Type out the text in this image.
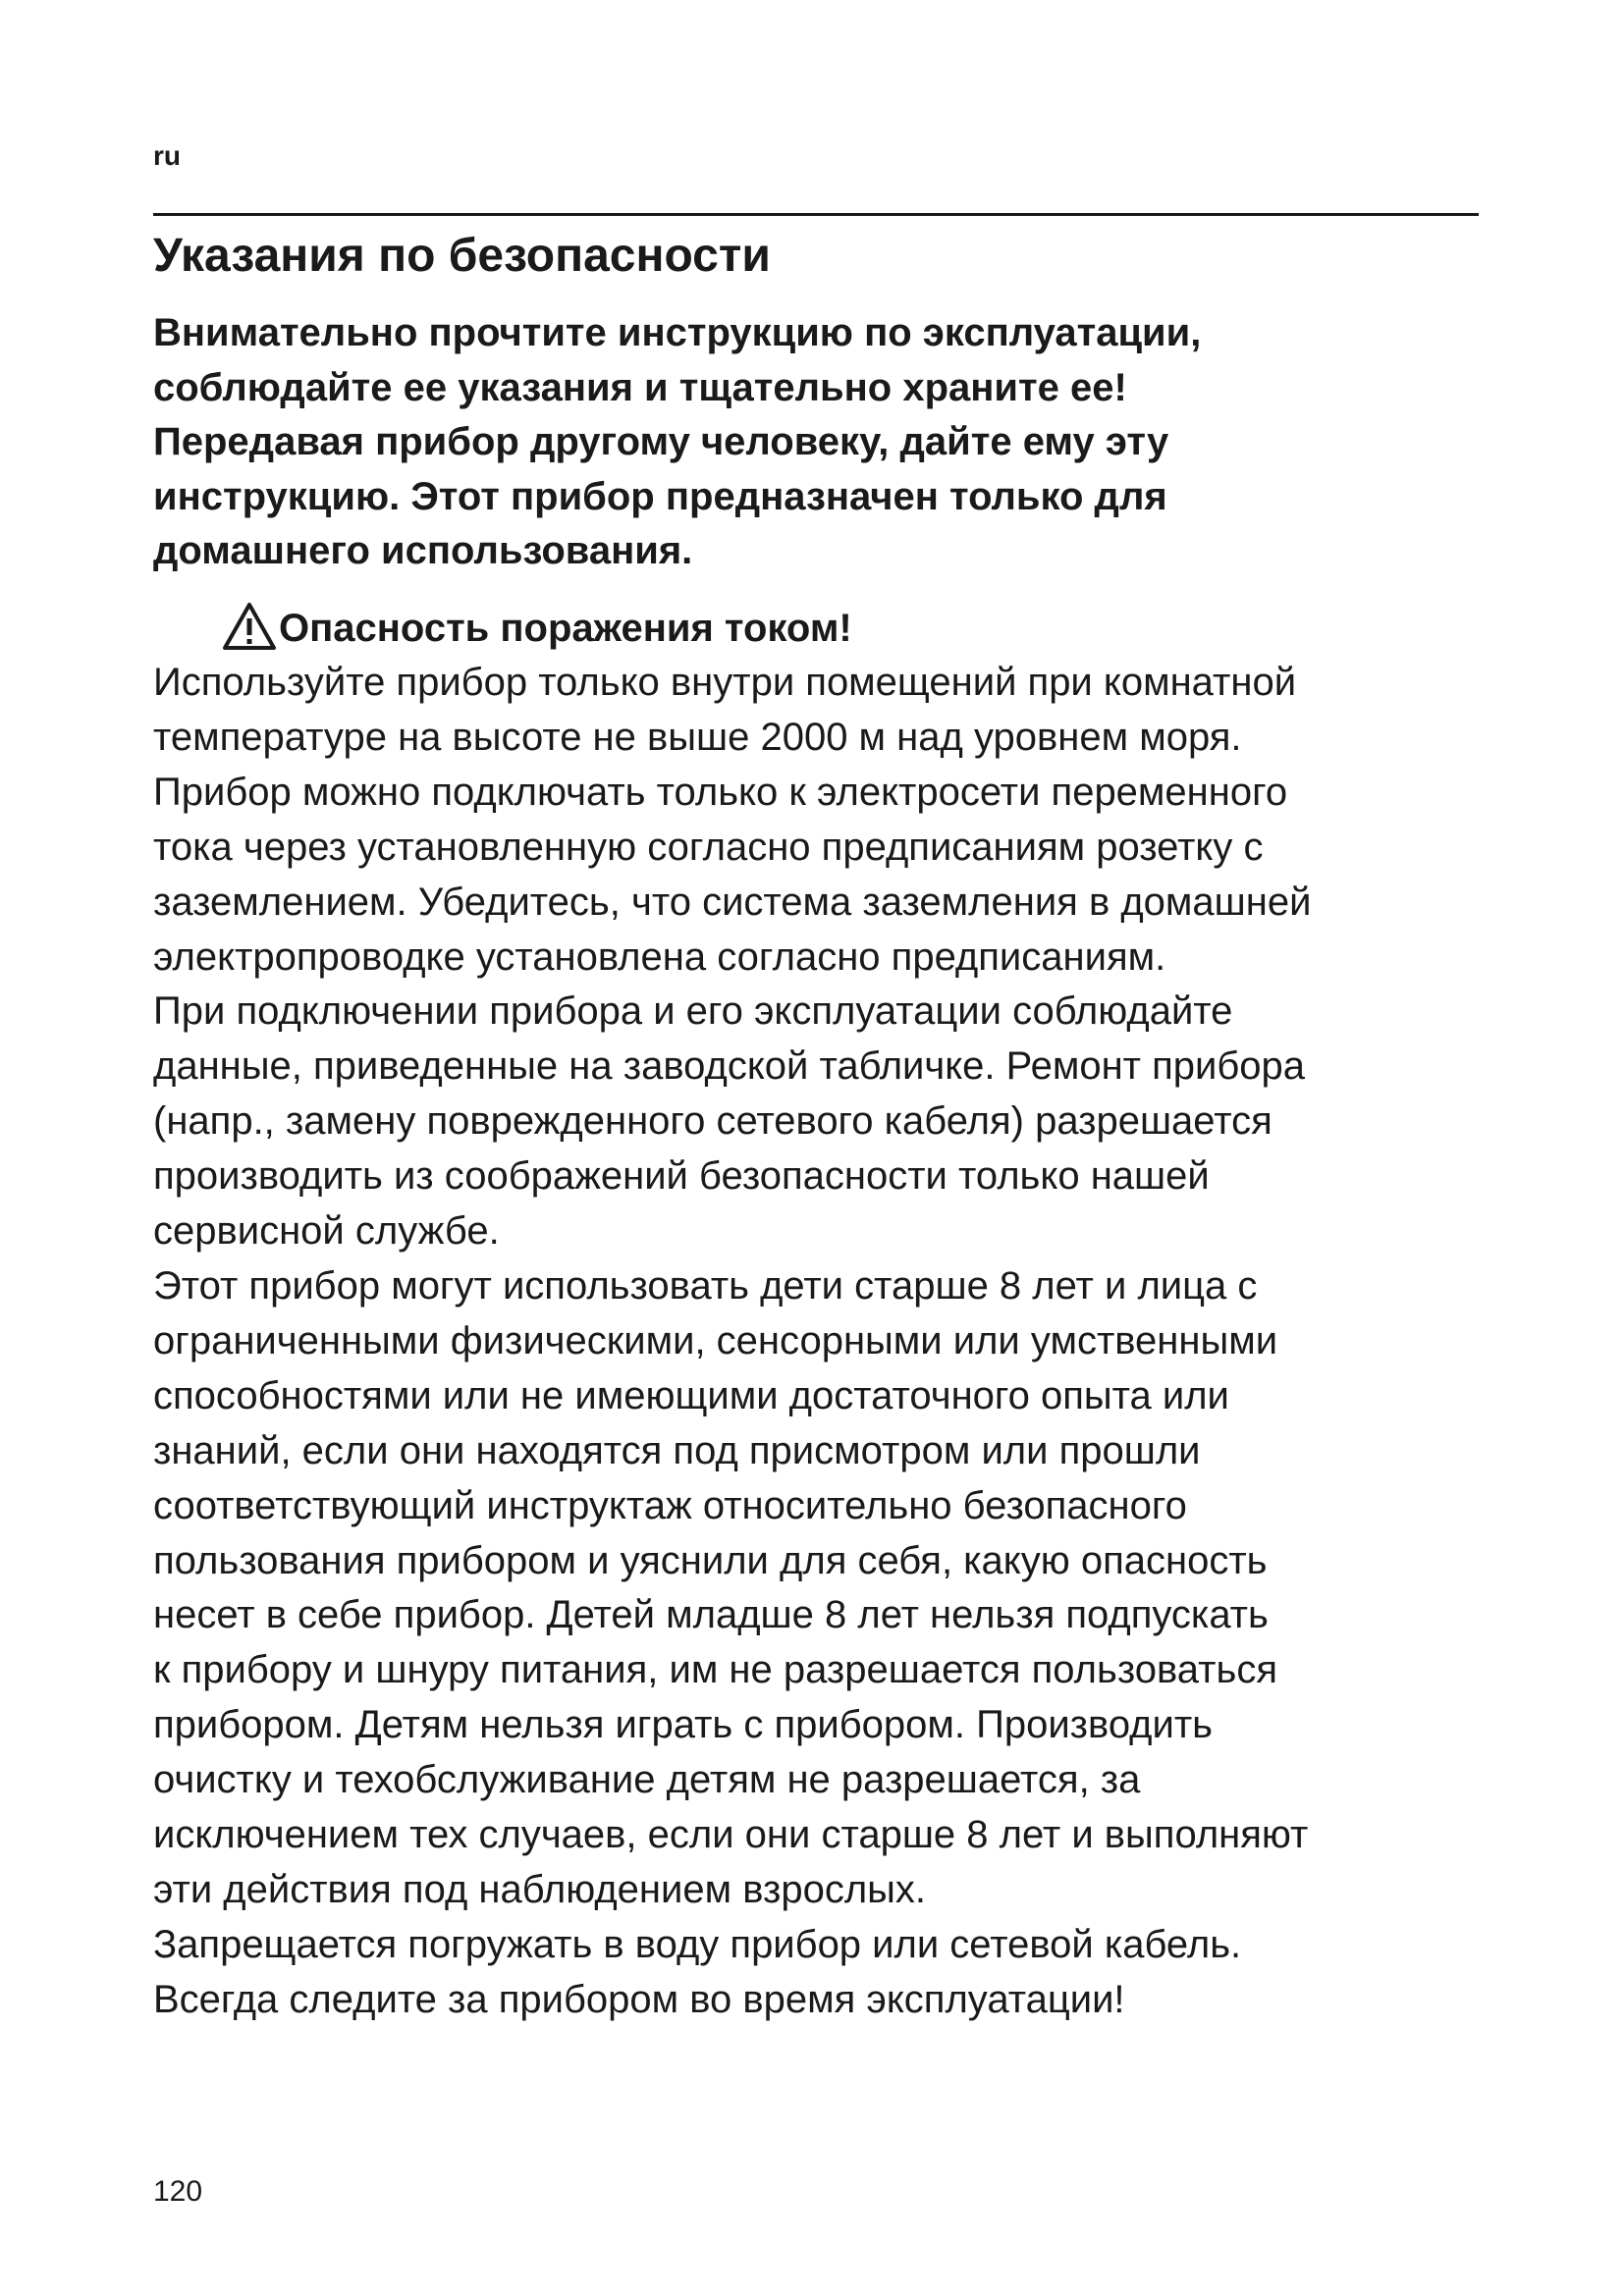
ru
Указания по безопасности
Внимательно прочтите инструкцию по эксплуатации,
соблюдайте ее указания и тщательно храните ее!
Передавая прибор другому человеку, дайте ему эту
инструкцию. Этот прибор предназначен только для
домашнего использования.
Опасность поражения током!
Используйте прибор только внутри помещений при комнатной
температуре на высоте не выше 2000 м над уровнем моря.
Прибор можно подключать только к электросети переменного
тока через установленную согласно предписаниям розетку с
заземлением. Убедитесь, что система заземления в домашней
электропроводке установлена согласно предписаниям.
При подключении прибора и его эксплуатации соблюдайте
данные, приведенные на заводской табличке. Ремонт прибора
(напр., замену поврежденного сетевого кабеля) разрешается
производить из соображений безопасности только нашей
сервисной службе.
Этот прибор могут использовать дети старше 8 лет и лица с
ограниченными физическими, сенсорными или умственными
способностями или не имеющими достаточного опыта или
знаний, если они находятся под присмотром или прошли
соответствующий инструктаж относительно безопасного
пользования прибором и уяснили для себя, какую опасность
несет в себе прибор. Детей младше 8 лет нельзя подпускать
к прибору и шнуру питания, им не разрешается пользоваться
прибором. Детям нельзя играть с прибором. Производить
очистку и техобслуживание детям не разрешается, за
исключением тех случаев, если они старше 8 лет и выполняют
эти действия под наблюдением взрослых.
Запрещается погружать в воду прибор или сетевой кабель.
Всегда следите за прибором во время эксплуатации!
120
